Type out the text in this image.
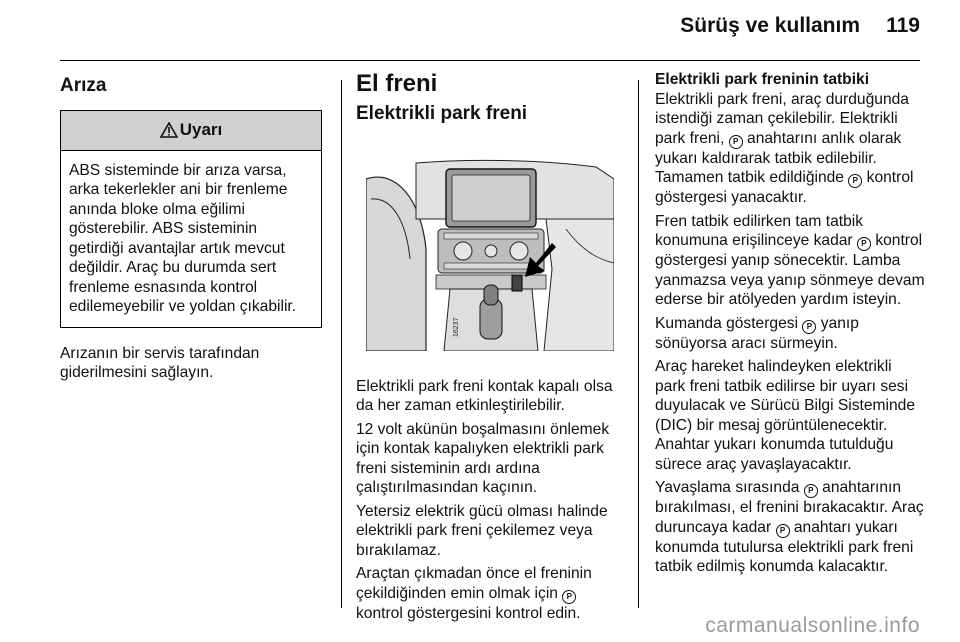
Sürüş ve kullanım 119
Arıza
Uyarı
ABS sisteminde bir arıza varsa, arka tekerlekler ani bir frenleme anında bloke olma eğilimi gösterebilir. ABS sisteminin getirdiği avantajlar artık mevcut değildir. Araç bu durumda sert frenleme esnasında kontrol edilemeyebilir ve yoldan çıkabilir.

Arızanın bir servis tarafından giderilmesini sağlayın.

El freni
Elektrikli park freni
16237

Elektrikli park freni kontak kapalı olsa da her zaman etkinleştirilebilir.

12 volt akünün boşalmasını önlemek için kontak kapalıyken elektrikli park freni sisteminin ardı ardına çalıştırılmasından kaçının.

Yetersiz elektrik gücü olması halinde elektrikli park freni çekilemez veya bırakılamaz.

Araçtan çıkmadan önce el freninin çekildiğinden emin olmak için P kontrol göstergesini kontrol edin.

Elektrikli park freninin tatbiki

Elektrikli park freni, araç durduğunda istendiği zaman çekilebilir. Elektrikli park freni, P anahtarını anlık olarak yukarı kaldırarak tatbik edilebilir. Tamamen tatbik edildiğinde P kontrol göstergesi yanacaktır.

Fren tatbik edilirken tam tatbik konumuna erişilinceye kadar P kontrol göstergesi yanıp sönecektir. Lamba yanmazsa veya yanıp sönmeye devam ederse bir atölyeden yardım isteyin.

Kumanda göstergesi P yanıp sönüyorsa aracı sürmeyin.

Araç hareket halindeyken elektrikli park freni tatbik edilirse bir uyarı sesi duyulacak ve Sürücü Bilgi Sisteminde (DIC) bir mesaj görüntülenecektir. Anahtar yukarı konumda tutulduğu sürece araç yavaşlayacaktır.

Yavaşlama sırasında P anahtarının bırakılması, el frenini bırakacaktır. Araç duruncaya kadar P anahtarı yukarı konumda tutulursa elektrikli park freni tatbik edilmiş konumda kalacaktır.

carmanualsonline.info
